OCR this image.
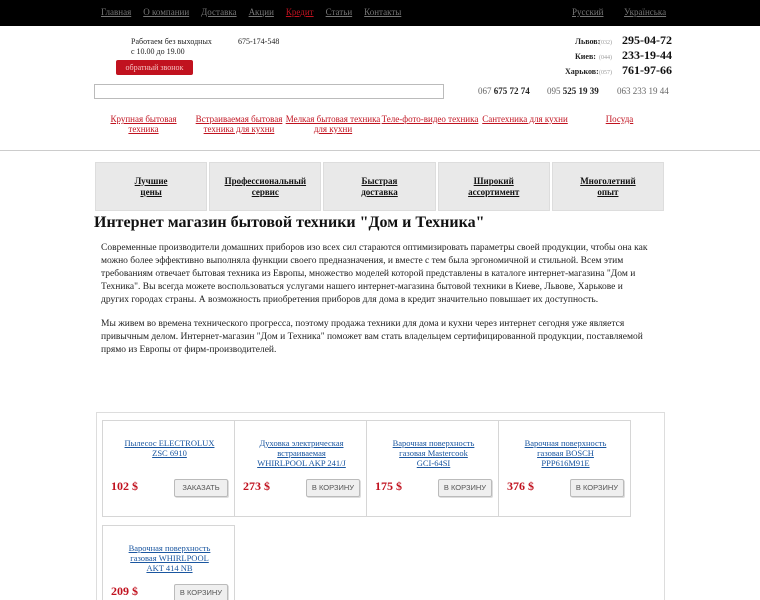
Главная О компании Доставка Акции Кредит Статьи Контакты	Русский Українська
Работаем без выходных
с 10.00 до 19.00
675-174-548
обратный звонок
Львов:
(032) 295-04-72
Киев: (044) 233-19-44
Харьков: (057) 761-97-66
067 675 72 74 095 525 19 39 063 233 19 44
Крупная бытовая
техника
Встраиваемая бытовая
техника для кухни
Мелкая бытовая техника
для кухни
Теле-фото-видео техника Сантехника для кухни	Посуда
Лучшие
цены
Профессиональный
сервис
Быстрая
доставка
Широкий
ассортимент
Многолетний
опыт
Интернет магазин бытовой техники "Дом и Техника"

Современные производители домашних приборов изо всех сил стараются оптимизировать параметры своей продукции, чтобы она как можно более эффективно выполняла функции своего предназначения, и вместе с тем была эргономичной и стильной. Всем этим требованиям отвечает бытовая техника из Европы, множество моделей которой представлены в каталоге интернет-магазина "Дом и Техника". Вы всегда можете воспользоваться услугами нашего интернет-магазина бытовой техники в Киеве, Львове, Харькове и других городах страны. А возможность приобретения приборов для дома в кредит значительно повышает их доступность.

Мы живем во времена технического прогресса, поэтому продажа техники для дома и кухни через интернет сегодня уже является привычным делом. Интернет-магазин "Дом и Техника" поможет вам стать владельцем сертифицированной продукции, поставляемой прямо из Европы от фирм-производителей.

Пылесос ELECTROLUX
ZSC 6910
102 $	ЗАКАЗАТЬ
Духовка электрическая
встраиваемая
WHIRLPOOL AKP 241/J
273 $	В КОРЗИНУ
Варочная поверхность
газовая Mastercook
GCI-64SI
175 $	В КОРЗИНУ
Варочная поверхность
газовая BOSCH
PPP616M91E
376 $	В КОРЗИНУ
Варочная поверхность
газовая WHIRLPOOL
AKT 414 NB
209 $	В КОРЗИНУ
